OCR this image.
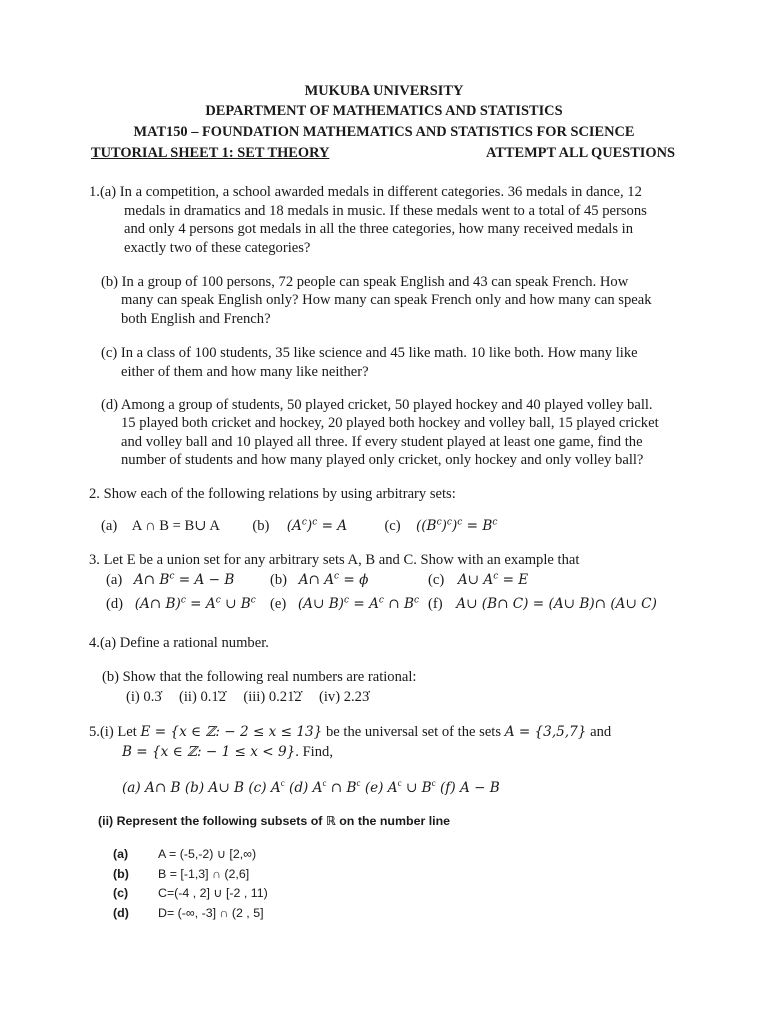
MUKUBA UNIVERSITY
DEPARTMENT OF MATHEMATICS AND STATISTICS
MAT150 – FOUNDATION MATHEMATICS AND STATISTICS FOR SCIENCE
TUTORIAL SHEET 1: SET THEORY	ATTEMPT ALL QUESTIONS
1.(a) In a competition, a school awarded medals in different categories. 36 medals in dance, 12
medals in dramatics and 18 medals in music. If these medals went to a total of 45 persons
and only 4 persons got medals in all the three categories, how many received medals in
exactly two of these categories?
(b) In a group of 100 persons, 72 people can speak English and 43 can speak French. How
many can speak English only? How many can speak French only and how many can speak
both English and French?
(c) In a class of 100 students, 35 like science and 45 like math. 10 like both. How many like
either of them and how many like neither?
(d) Among a group of students, 50 played cricket, 50 played hockey and 40 played volley ball.
15 played both cricket and hockey, 20 played both hockey and volley ball, 15 played cricket
and volley ball and 10 played all three. If every student played at least one game, find the
number of students and how many played only cricket, only hockey and only volley ball?
2. Show each of the following relations by using arbitrary sets:
(a) A ∩ B = B∪ A (b) $(A^c)^c = A$	(c) $((B^c)^c)^c = B^c$
3. Let E be a union set for any arbitrary sets A, B and C. Show with an example that
(a) A∩ $B^c = A - B$ (b) A∩ $A^c = \phi$	(c) A∪ $A^c = E$
(d) (A∩ $B)^c = A^c$ ∪ $B^c$ (e) (A∪ $B)^c = A^c$ ∩ $B^c$ (f) A∪ (B∩ C) = (A∪ B)∩ (A∪ C)
4.(a) Define a rational number.
(b) Show that the following real numbers are rational:
(i) 0.3̇ (ii) 0.1̇2̇ (iii) 0.21̇2̇ (iv) 2.23̇
5.(i) Let E = {x ∈ ℤ: − 2 ≤ x ≤ 13} be the universal set of the sets A = {3,5,7} and
B = {x ∈ ℤ: − 1 ≤ x < 9}. Find,
(a) A∩ B (b) A∪ B (c) $A^c$ (d) $A^c$ ∩ $B^c$ (e) $A^c$ ∪ $B^c$ (f) A − B
(ii) Represent the following subsets of ℝ on the number line
(a) A = (-5,-2) ∪ [2,∞)
(b) B = [-1,3] ∩ (2,6]
(c) C=(-4 , 2] ∪ [-2 , 11)
(d) D= (-∞, -3] ∩ (2 , 5]
